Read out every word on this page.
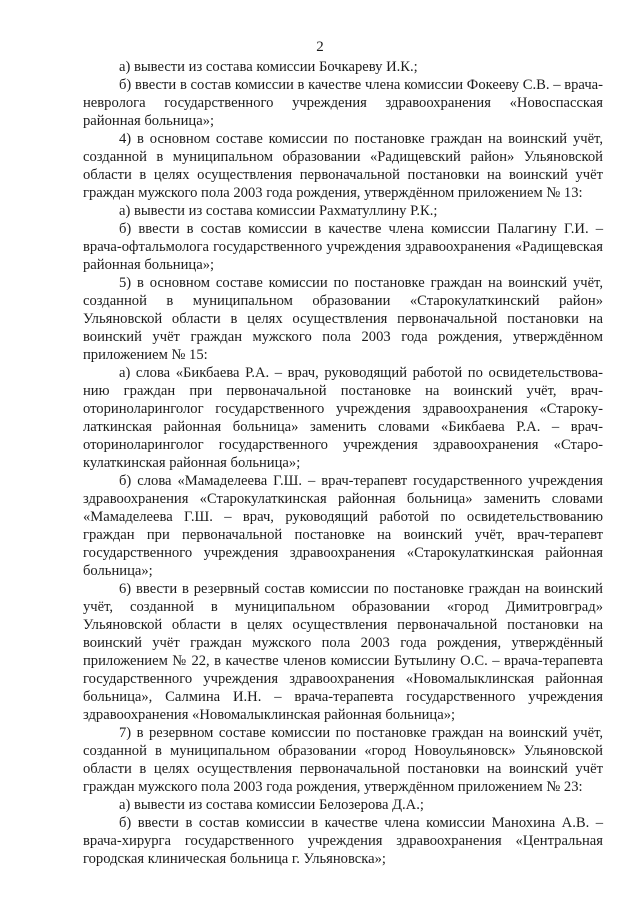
2

а) вывести из состава комиссии Бочкареву И.К.;

б) ввести в состав комиссии в качестве члена комиссии Фокееву С.В. – врача-невролога государственного учреждения здравоохранения «Новоспасская районная больница»;

4) в основном составе комиссии по постановке граждан на воинский учёт, созданной в муниципальном образовании «Радищевский район» Ульяновской области в целях осуществления первоначальной постановки на воинский учёт граждан мужского пола 2003 года рождения, утверждённом приложением № 13:

а) вывести из состава комиссии Рахматуллину Р.К.;

б) ввести в состав комиссии в качестве члена комиссии Палагину Г.И. – врача-офтальмолога государственного учреждения здравоохранения «Радищевская районная больница»;

5) в основном составе комиссии по постановке граждан на воинский учёт, созданной в муниципальном образовании «Старокулаткинский район» Ульяновской области в целях осуществления первоначальной постановки на воинский учёт граждан мужского пола 2003 года рождения, утверждённом приложением № 15:

а) слова «Бикбаева Р.А. – врач, руководящий работой по освидетельствованию граждан при первоначальной постановке на воинский учёт, врач-оториноларинголог государственного учреждения здравоохранения «Старокулаткинская районная больница» заменить словами «Бикбаева Р.А. – врач-оториноларинголог государственного учреждения здравоохранения «Старокулаткинская районная больница»;

б) слова «Мамаделеева Г.Ш. – врач-терапевт государственного учреждения здравоохранения «Старокулаткинская районная больница» заменить словами «Мамаделеева Г.Ш. – врач, руководящий работой по освидетельствованию граждан при первоначальной постановке на воинский учёт, врач-терапевт государственного учреждения здравоохранения «Старокулаткинская районная больница»;

6) ввести в резервный состав комиссии по постановке граждан на воинский учёт, созданной в муниципальном образовании «город Димитровград» Ульяновской области в целях осуществления первоначальной постановки на воинский учёт граждан мужского пола 2003 года рождения, утверждённый приложением № 22, в качестве членов комиссии Бутылину О.С. – врача-терапевта государственного учреждения здравоохранения «Новомалыклинская районная больница», Салмина И.Н. – врача-терапевта государственного учреждения здравоохранения «Новомалыклинская районная больница»;

7) в резервном составе комиссии по постановке граждан на воинский учёт, созданной в муниципальном образовании «город Новоульяновск» Ульяновской области в целях осуществления первоначальной постановки на воинский учёт граждан мужского пола 2003 года рождения, утверждённом приложением № 23:

а) вывести из состава комиссии Белозерова Д.А.;

б) ввести в состав комиссии в качестве члена комиссии Манохина А.В. – врача-хирурга государственного учреждения здравоохранения «Центральная городская клиническая больница г. Ульяновска»;
